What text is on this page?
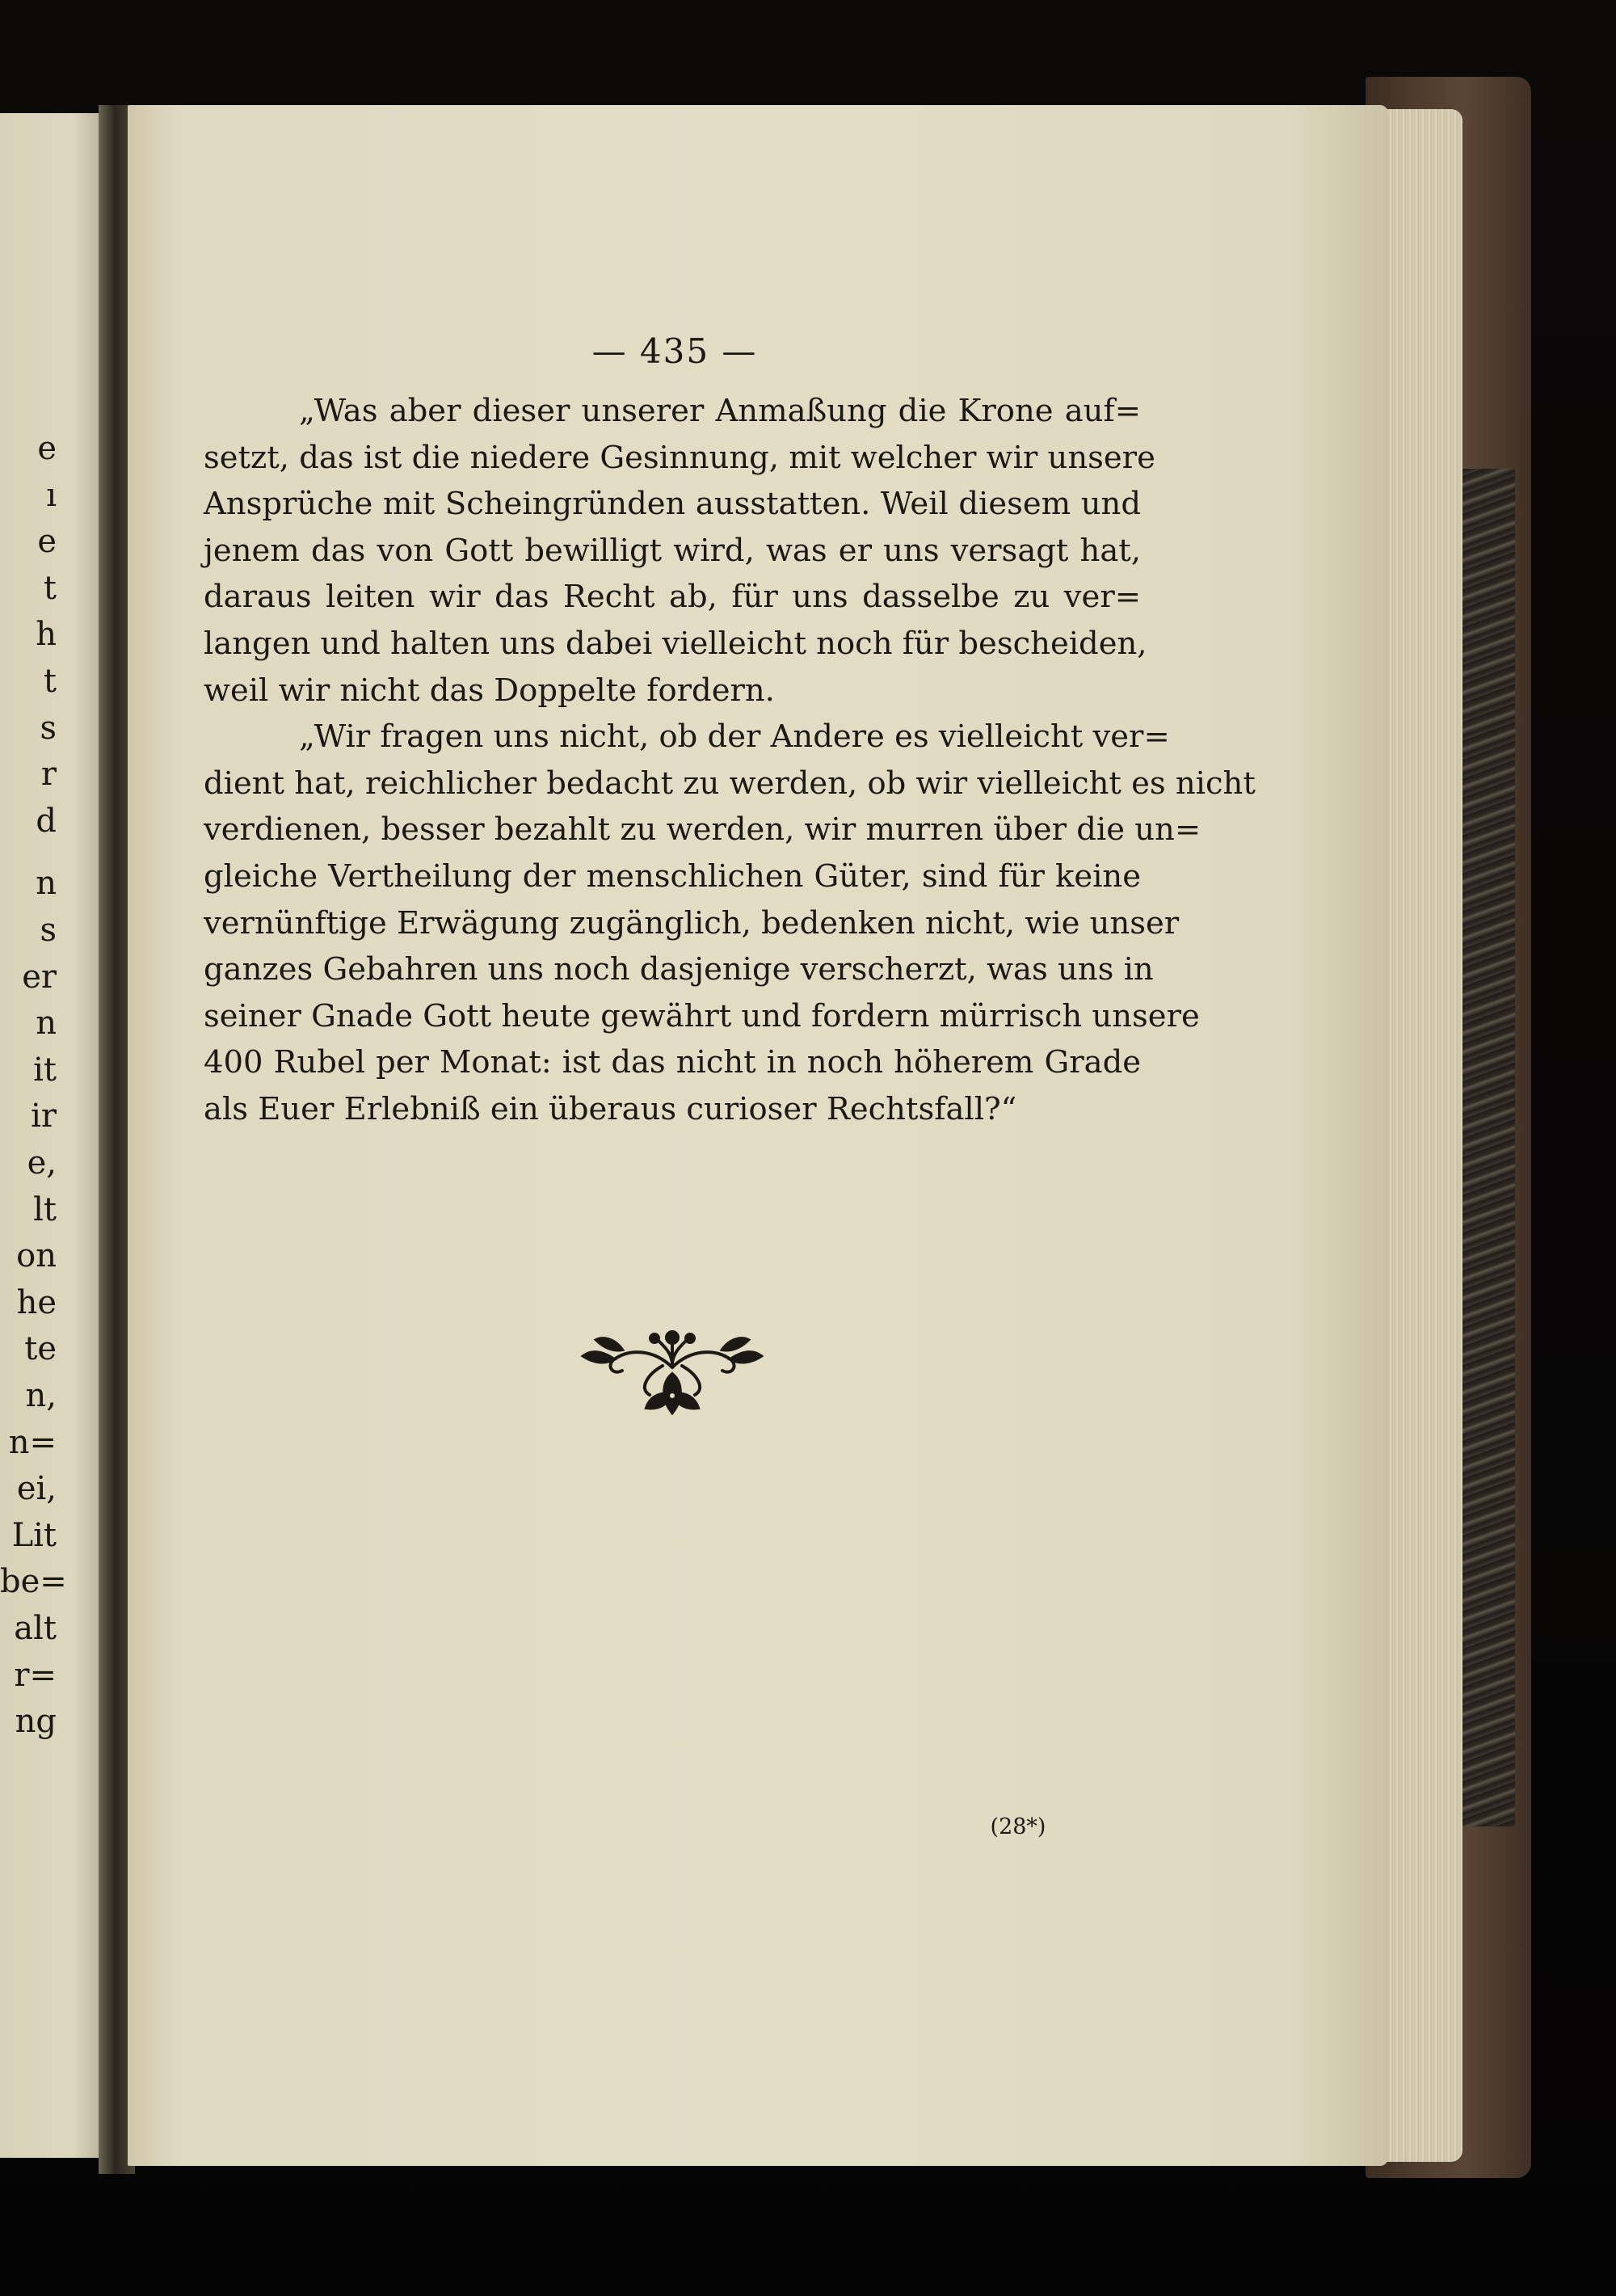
e
ı
e
t
h
t
s
r
d
n
s
er
n
it
ir
e,
lt
on
he
te
n,
n=
ei,
Lit
be=
alt
r=
ng
— 435 —
„Was aber dieser unserer Anmaßung die Krone auf=
setzt, das ist die niedere Gesinnung, mit welcher wir unsere
Ansprüche mit Scheingründen ausstatten. Weil diesem und
jenem das von Gott bewilligt wird, was er uns versagt hat,
daraus leiten wir das Recht ab, für uns dasselbe zu ver=
langen und halten uns dabei vielleicht noch für bescheiden,
weil wir nicht das Doppelte fordern.
„Wir fragen uns nicht, ob der Andere es vielleicht ver=
dient hat, reichlicher bedacht zu werden, ob wir vielleicht es nicht
verdienen, besser bezahlt zu werden, wir murren über die un=
gleiche Vertheilung der menschlichen Güter, sind für keine
vernünftige Erwägung zugänglich, bedenken nicht, wie unser
ganzes Gebahren uns noch dasjenige verscherzt, was uns in
seiner Gnade Gott heute gewährt und fordern mürrisch unsere
400 Rubel per Monat: ist das nicht in noch höherem Grade
als Euer Erlebniß ein überaus curioser Rechtsfall?“
(28*)
